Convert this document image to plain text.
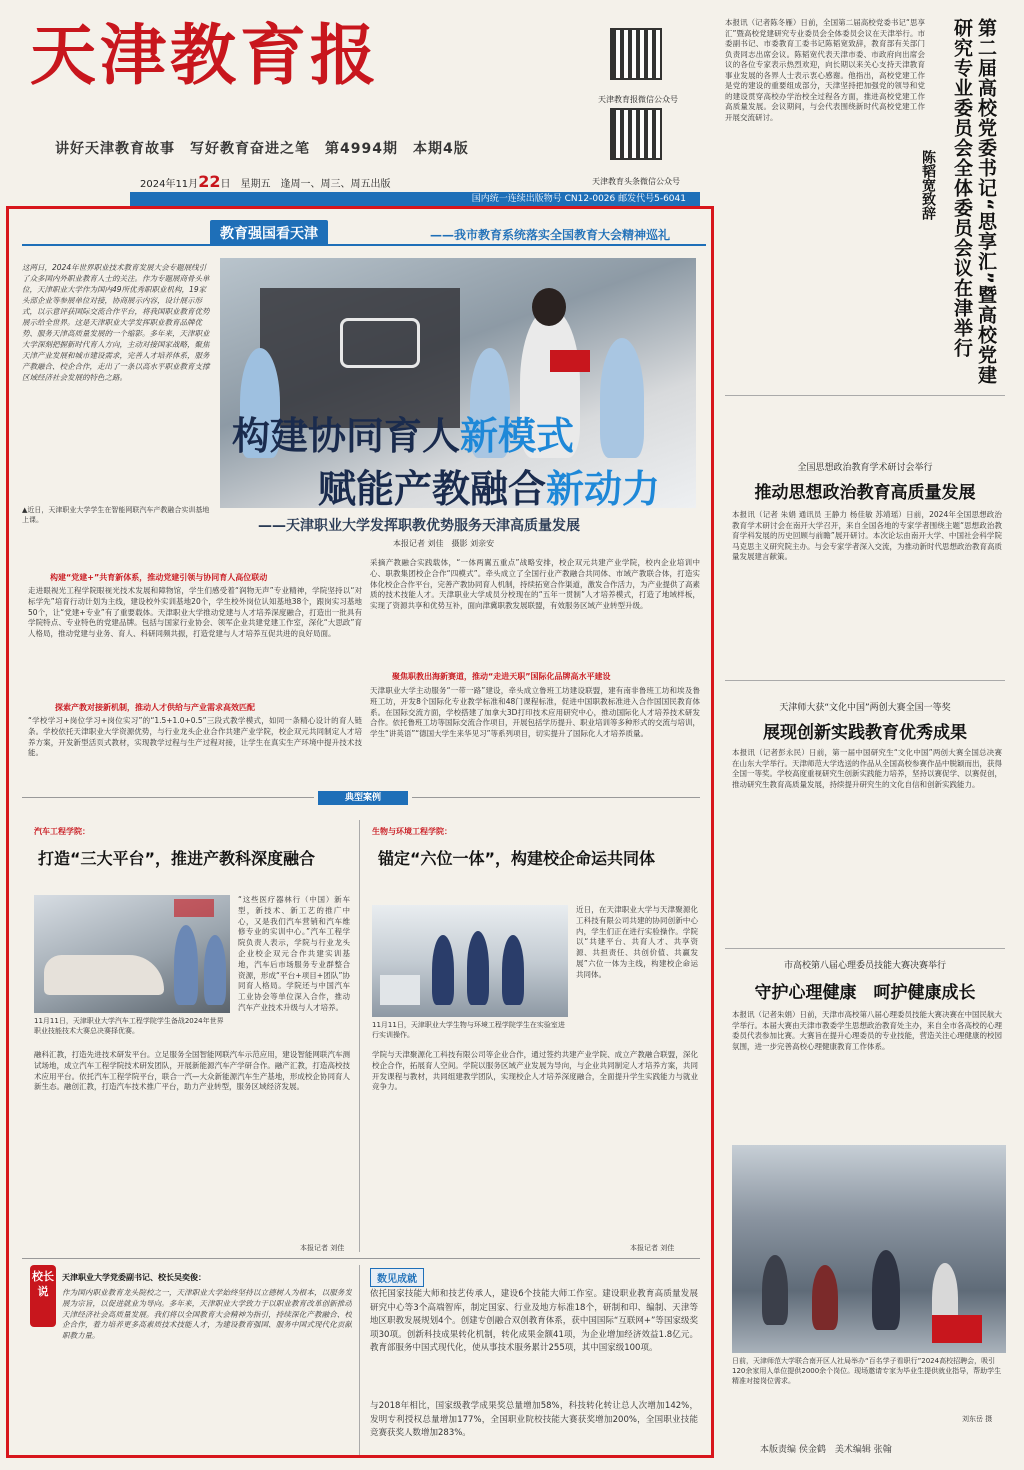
天津教育报
讲好天津教育故事　写好教育奋进之笔　第4994期　本期4版
2024年11月22日　星期五　逢周一、周三、周五出版
天津教育报微信公众号
天津教育头条微信公众号
国内统一连续出版物号 CN12-0026 邮发代号5-6041
本报讯（记者陈冬雁）日前，全国第二届高校党委书记“思享汇”暨高校党建研究专业委员会全体委员会议在天津举行。市委副书记、市委教育工委书记陈韬宽致辞，教育部有关部门负责同志出席会议。陈韬宽代表天津市委、市政府向出席会议的各位专家表示热烈欢迎，向长期以来关心支持天津教育事业发展的各界人士表示衷心感谢。他指出，高校党建工作是党的建设的重要组成部分，天津坚持把加强党的领导和党的建设贯穿高校办学治校全过程各方面，推进高校党建工作高质量发展。会议期间，与会代表围绕新时代高校党建工作开展交流研讨。	第二届高校党委书记“思享汇”暨高校党建研究专业委员会全体委员会议在津举行
陈韬宽致辞
全国思想政治教育学术研讨会举行
推动思想政治教育高质量发展
本报讯（记者 朱娟 通讯员 王静力 杨佳敏 苏靖瑶）日前，2024年全国思想政治教育学术研讨会在南开大学召开，来自全国各地的专家学者围绕主题“思想政治教育学科发展的历史回顾与前瞻”展开研讨。本次论坛由南开大学、中国社会科学院马克思主义研究院主办。与会专家学者深入交流，为推动新时代思想政治教育高质量发展建言献策。
天津师大获“文化中国”两创大赛全国一等奖
展现创新实践教育优秀成果
本报讯（记者彭永民）日前，第一届中国研究生“文化中国”两创大赛全国总决赛在山东大学举行。天津师范大学选送的作品从全国高校参赛作品中脱颖而出，获得全国一等奖。学校高度重视研究生创新实践能力培养，坚持以赛促学、以赛促创，推动研究生教育高质量发展，持续提升研究生的文化自信和创新实践能力。
市高校第八届心理委员技能大赛决赛举行
守护心理健康　呵护健康成长
本报讯（记者朱娟）日前，天津市高校第八届心理委员技能大赛决赛在中国民航大学举行。本届大赛由天津市教委学生思想政治教育处主办，来自全市各高校的心理委员代表参加比赛。大赛旨在提升心理委员的专业技能，营造关注心理健康的校园氛围，进一步完善高校心理健康教育工作体系。
日前，天津师范大学联合南开区人社局举办“百名学子看职行”2024高校招聘会，吸引120余家用人单位提供2000余个岗位。现场邀请专家为毕业生提供就业指导，帮助学生精准对接岗位需求。
刘东岳 摄
本版责编 侯金鹤　美术编辑 张翰
教育强国看天津	——我市教育系统落实全国教育大会精神巡礼
这两日，2024年世界职业技术教育发展大会专题展线引了众多国内外职业教育人士的关注。作为专题展商骨头单位，天津职业大学作为国内49所优秀职职业机构，19家头部企业等参展单位对接，协商展示内容，设计展示形式，以示意评获国际交流合作平台，将我国职业教育优势展示给全世界。这是天津职业大学发挥职业教育品牌优势、服务天津高质量发展的一个缩影。多年来，天津职业大学深刻把握新时代育人方向，主动对接国家战略，聚焦天津产业发展和城市建设需求，完善人才培养体系，服务产教融合、校企合作，走出了一条以高水平职业教育支撑区域经济社会发展的特色之路。
▲近日，天津职业大学学生在智能网联汽车产教融合实训基地上课。
构建协同育人新模式
赋能产教融合新动力
——天津职业大学发挥职教优势服务天津高质量发展
本报记者 刘佳　摄影 刘亲安
构建“党建+”共育新体系，推动党建引领与协同育人高位联动
走进眼视光工程学院眼视光技术发展和障物馆，学生们感受着“润物无声”专业精神，学院坚持以“对标学先”培育行动计划为主线，建设校外实训基地20个，学生校外岗位认知基地38个，跟岗实习基地50个，让“党建+专业”有了重要载体。天津职业大学推动党建与人才培养深度融合，打造出一批具有学院特点、专业特色的党建品牌。包括与国家行业协会、领军企业共建党建工作室，深化“大思政”育人格局，推动党建与业务、育人、科研同频共振，打造党建与人才培养互促共进的良好局面。
探索产教对接新机制，推动人才供给与产业需求高效匹配
“学校学习+岗位学习+岗位实习”的“1.5+1.0+0.5”三段式教学模式，如同一条精心设计的育人链条。学校依托天津职业大学资源优势，与行业龙头企业合作共建产业学院，校企双元共同制定人才培养方案，开发新型活页式教材，实现教学过程与生产过程对接，让学生在真实生产环境中提升技术技能。
采摘产教融合实践载体，“一体两翼五重点”战略安排，校企双元共建产业学院，校内企业培训中心、职教集团校企合作“四模式”。牵头成立了全国行业产教融合共同体、市域产教联合体，打造实体化校企合作平台，完善产教协同育人机制，持续拓宽合作渠道，激发合作活力，为产业提供了高素质的技术技能人才。天津职业大学成员分校现在的“五年一贯制”人才培养模式，打造了地域样板，实现了资源共享和优势互补，面向津冀职教发展联盟，有效服务区域产业转型升级。
聚焦职教出海新赛道，推动“走进天职”国际化品牌高水平建设
天津职业大学主动服务“一带一路”建设，牵头成立鲁班工坊建设联盟，建有南非鲁班工坊和埃及鲁班工坊，开发8个国际化专业教学标准和48门课程标准，促进中国职教标准进入合作国国民教育体系。在国际交流方面，学校搭建了加拿大3D打印技术应用研究中心，推动国际化人才培养技术研发合作。依托鲁班工坊等国际交流合作项目，开展包括学历提升、职业培训等多种形式的交流与培训，学生“讲英语”“德国大学生来华见习”等系列项目，切实提升了国际化人才培养质量。
典型案例
汽车工程学院：
打造“三大平台”，推进产教科深度融合
11月11日，天津职业大学汽车工程学院学生备战2024年世界职业技能技术大赛总决赛择优赛。
“这些医疗器林行（中国）新车型，新技术、新工艺的推广中心，又是我们汽车营销和汽车维修专业的实训中心。”汽车工程学院负责人表示，学院与行业龙头企业校企双元合作共建实训基地，汽车后市场服务专业群整合资源，形成“平台+项目+团队”协同育人格局。学院还与中国汽车工业协会等单位深入合作，推动汽车产业技术升级与人才培养。
融科汇教，打造先进技术研发平台。立足服务全国智能网联汽车示范应用，建设智能网联汽车测试场地，成立汽车工程学院技术研发团队，开展新能源汽车产学研合作。融产汇教，打造高校技术应用平台。依托汽车工程学院平台，联合一汽—大众新能源汽车生产基地，形成校企协同育人新生态。融创汇教，打造汽车技术推广平台，助力产业转型，服务区域经济发展。
本报记者 刘佳
生物与环境工程学院：
锚定“六位一体”，构建校企命运共同体
11月11日，天津职业大学生物与环境工程学院学生在实验室进行实训操作。
近日，在天津职业大学与天津聚源化工科技有限公司共建的协同创新中心内，学生们正在进行实验操作。学院以“共建平台、共育人才、共享资源、共担责任、共创价值、共赢发展”六位一体为主线，构建校企命运共同体。
学院与天津聚源化工科技有限公司等企业合作，通过签约共建产业学院、成立产教融合联盟，深化校企合作，拓展育人空间。学院以服务区域产业发展为导向，与企业共同制定人才培养方案，共同开发课程与教材，共同组建教学团队，实现校企人才培养深度融合，全面提升学生实践能力与就业竞争力。
本报记者 刘佳
校长说
天津职业大学党委副书记、校长吴奕俊：
作为国内职业教育龙头院校之一，天津职业大学始终坚持以立德树人为根本，以服务发展为宗旨，以促进就业为导向。多年来，天津职业大学致力于以职业教育改革创新推动天津经济社会高质量发展。我们将以全国教育大会精神为指引，持续深化产教融合、校企合作，着力培养更多高素质技术技能人才，为建设教育强国、服务中国式现代化贡献职教力量。
数见成就
依托国家技能大师和技艺传承人，建设6个技能大师工作室。建设职业教育高质量发展研究中心等3个高端智库，制定国家、行业及地方标准18个，研制和印、编制、天津等地区职教发展规划4个。创建专创融合双创教育体系，获中国国际“互联网+”等国家级奖项30项。创新科技成果转化机制，转化成果金额41项，为企业增加经济效益1.8亿元。教育部服务中国式现代化，使从事技术服务累计255项，其中国家级100项。
与2018年相比，国家级教学成果奖总量增加58%，科技转化转让总人次增加142%，发明专利授权总量增加177%，全国职业院校技能大赛获奖增加200%，全国职业技能竞赛获奖人数增加283%。
